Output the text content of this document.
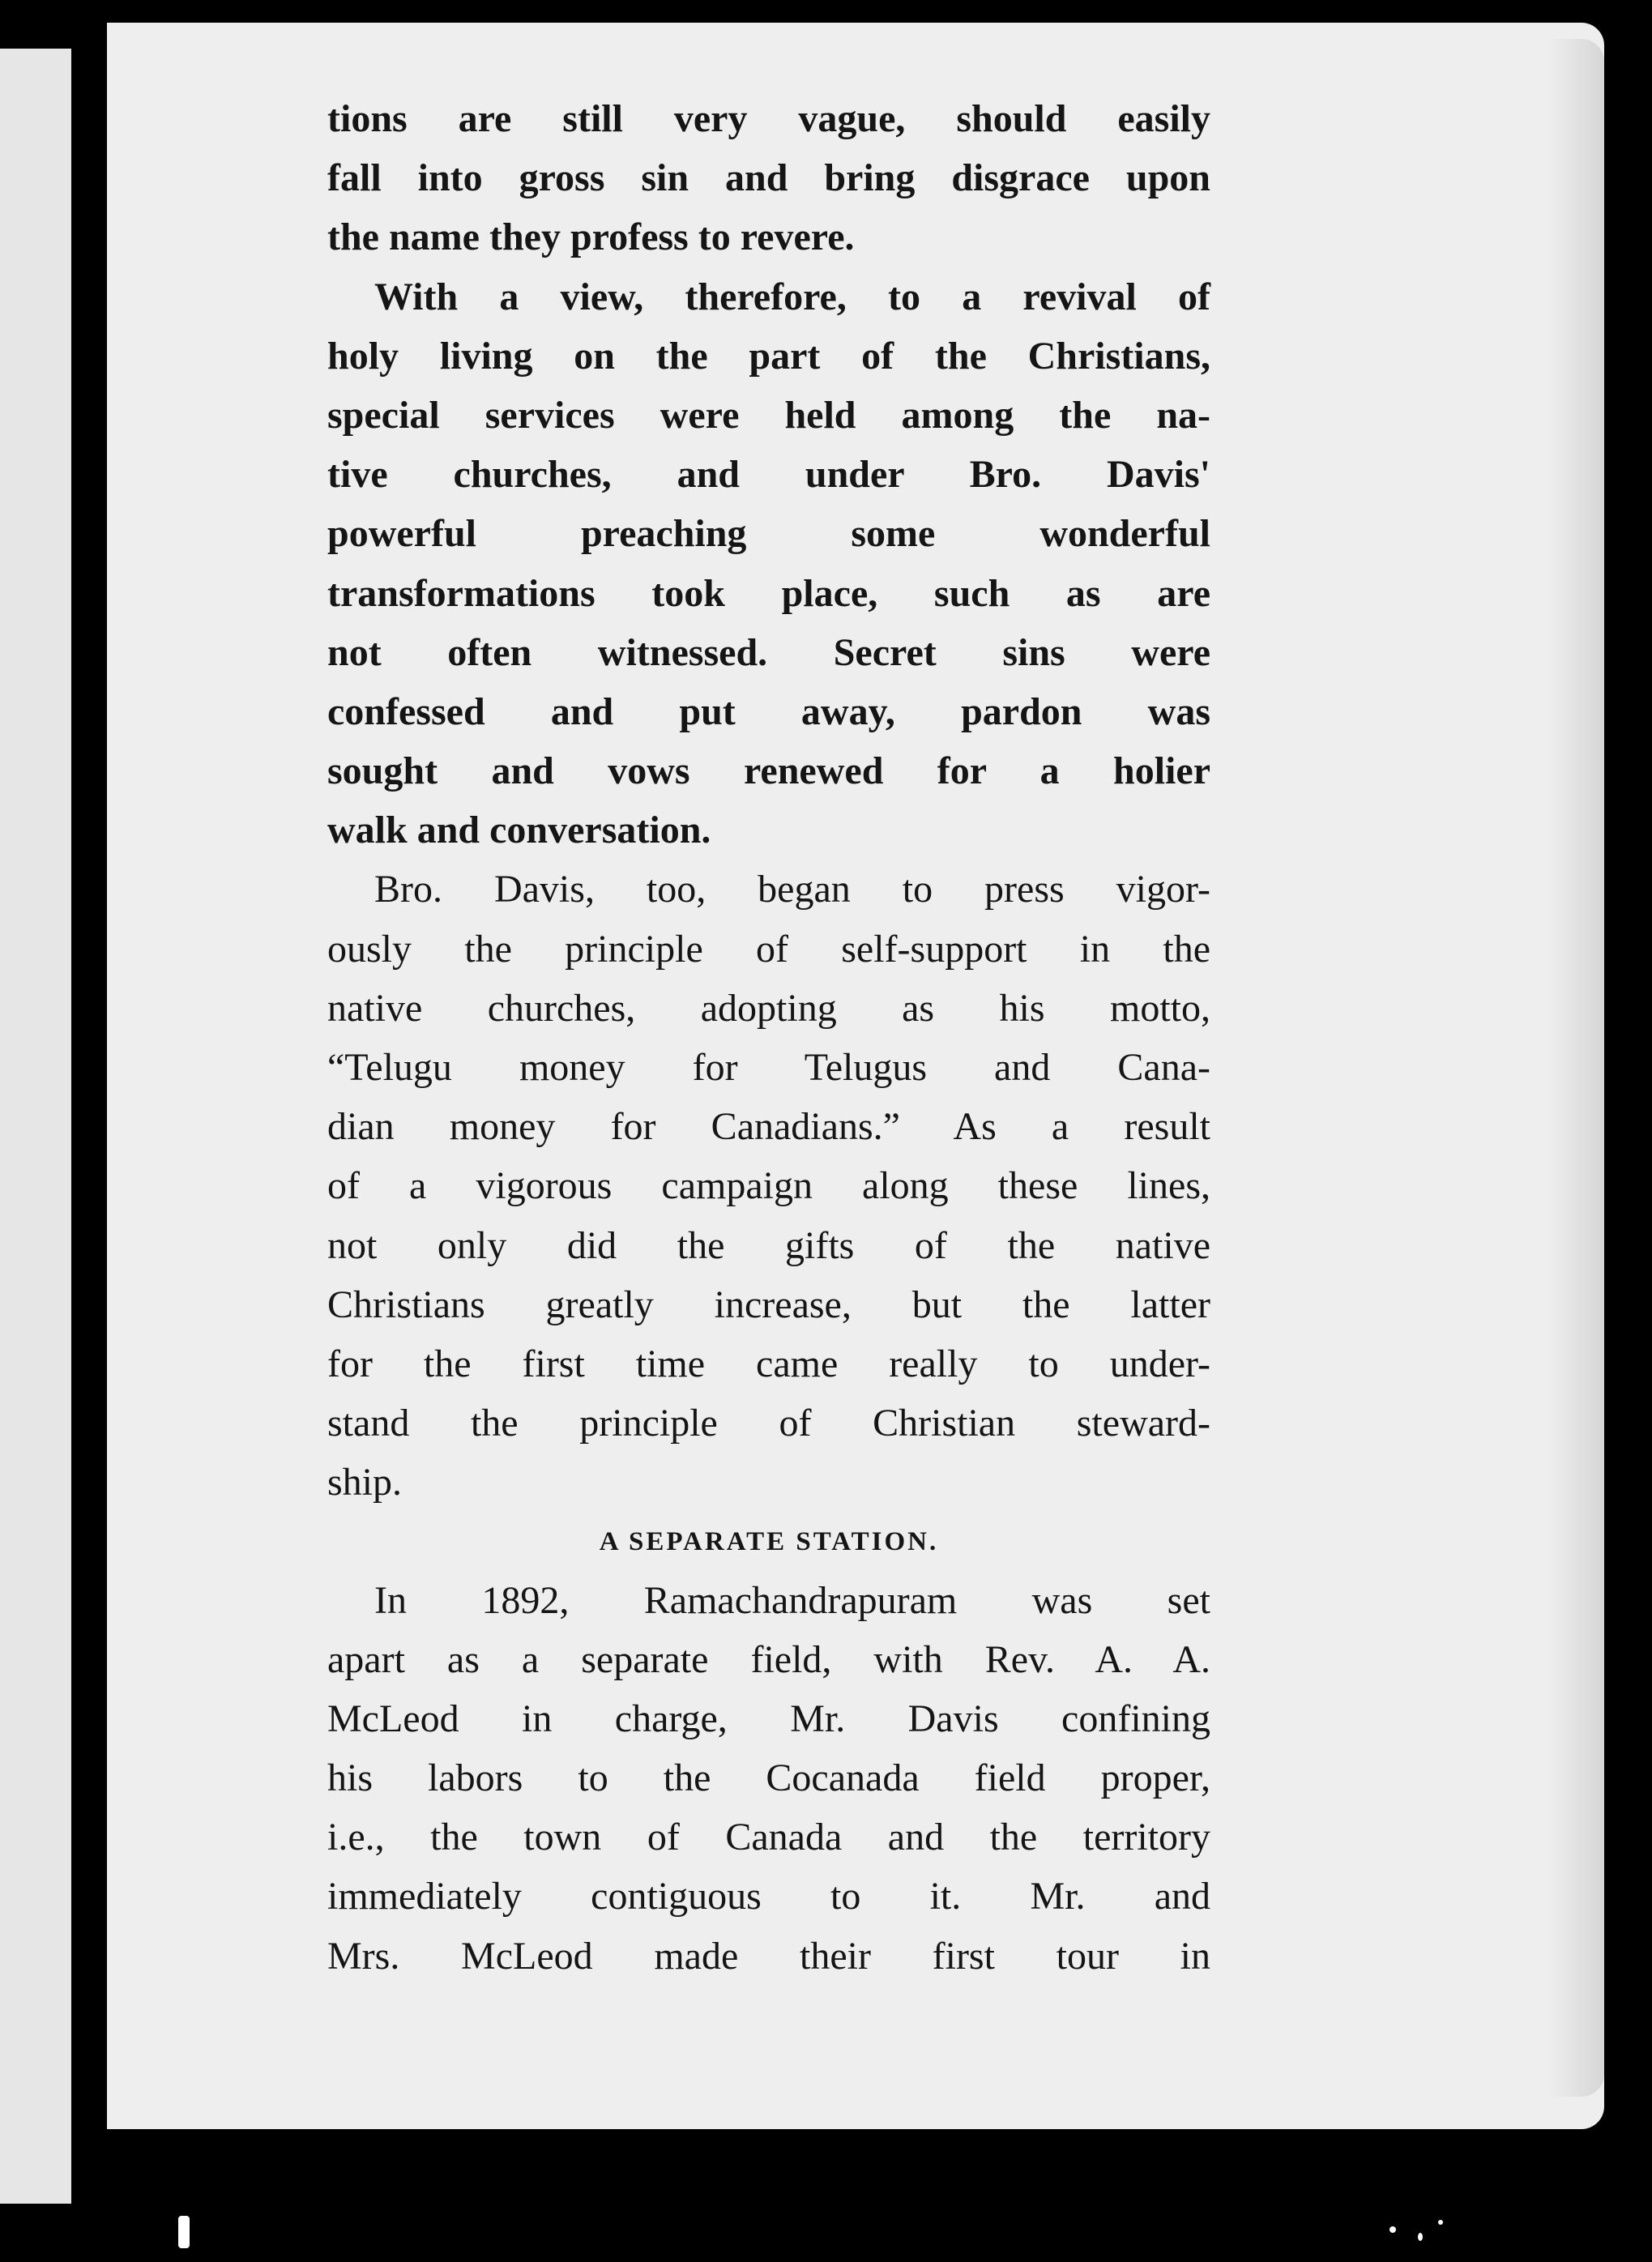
tions are still very vague, should easily
fall into gross sin and bring disgrace upon
the name they profess to revere.
With a view, therefore, to a revival of
holy living on the part of the Christians,
special services were held among the na-
tive churches, and under Bro. Davis'
powerful preaching some wonderful
transformations took place, such as are
not often witnessed. Secret sins were
confessed and put away, pardon was
sought and vows renewed for a holier
walk and conversation.
Bro. Davis, too, began to press vigor-
ously the principle of self-support in the
native churches, adopting as his motto,
“Telugu money for Telugus and Cana-
dian money for Canadians.” As a result
of a vigorous campaign along these lines,
not only did the gifts of the native
Christians greatly increase, but the latter
for the first time came really to under-
stand the principle of Christian steward-
ship.
A SEPARATE STATION.
In 1892, Ramachandrapuram was set
apart as a separate field, with Rev. A. A.
McLeod in charge, Mr. Davis confining
his labors to the Cocanada field proper,
i.e., the town of Canada and the territory
immediately contiguous to it. Mr. and
Mrs. McLeod made their first tour in
